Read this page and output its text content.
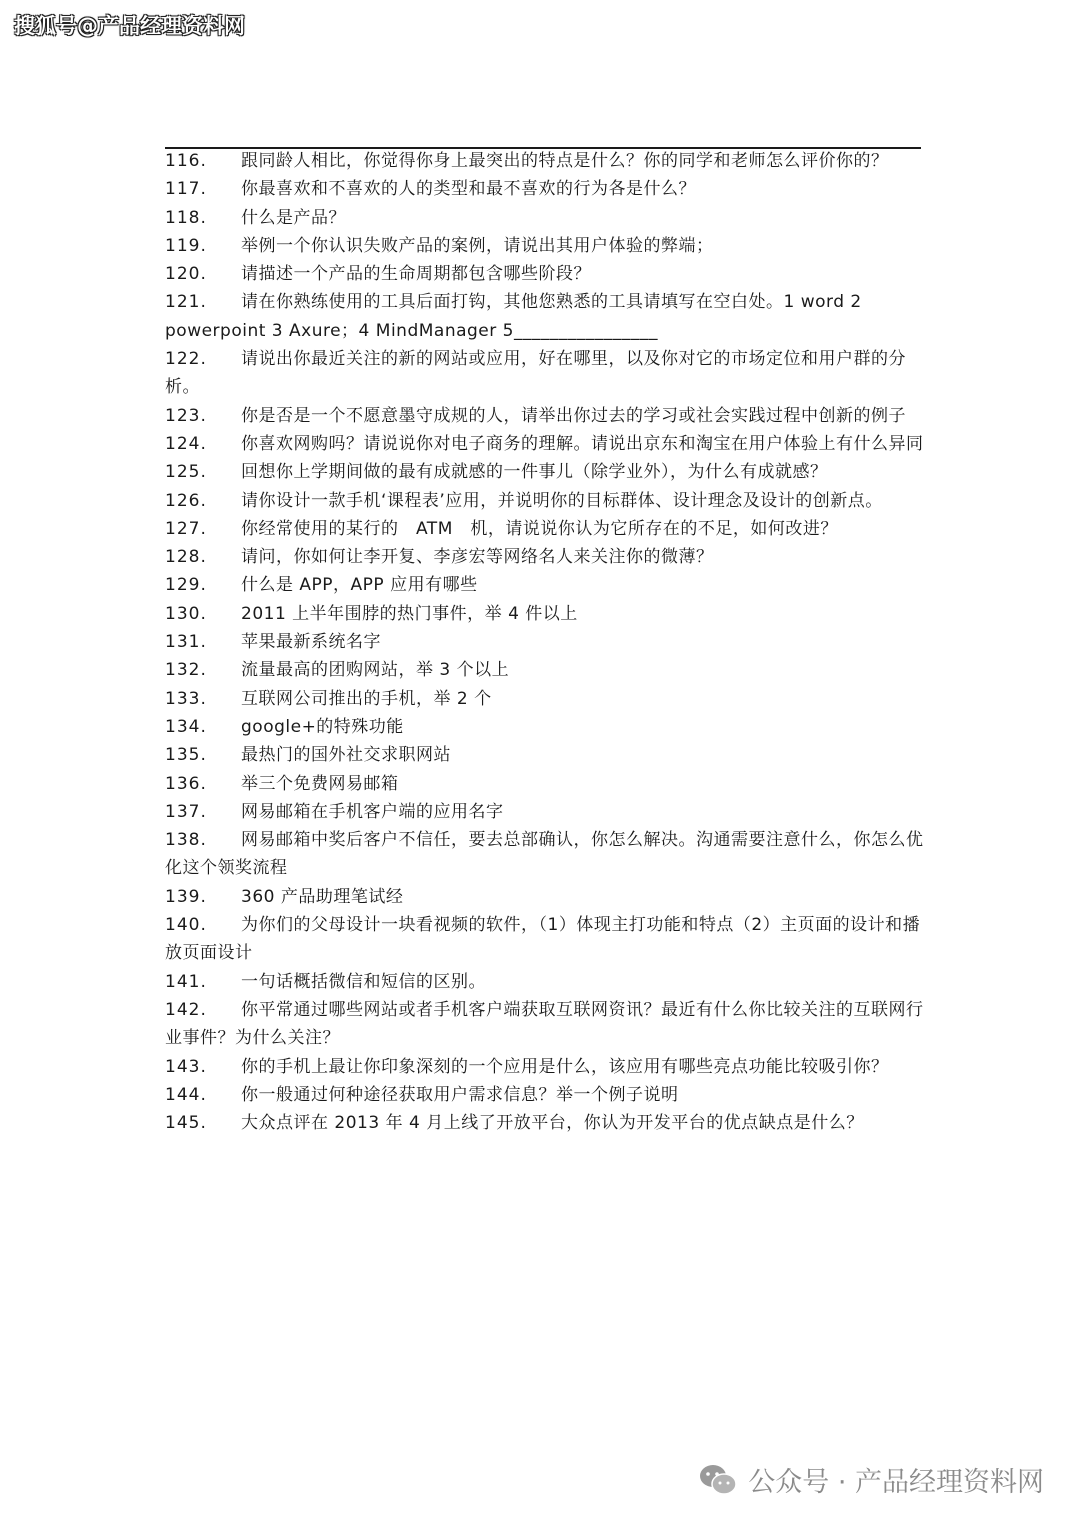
搜狐号@产品经理资料网

116. 跟同龄人相比，你觉得你身上最突出的特点是什么？你的同学和老师怎么评价你的？

117. 你最喜欢和不喜欢的人的类型和最不喜欢的行为各是什么？

118. 什么是产品？

119. 举例一个你认识失败产品的案例，请说出其用户体验的弊端；

120. 请描述一个产品的生命周期都包含哪些阶段？

121. 请在你熟练使用的工具后面打钩，其他您熟悉的工具请填写在空白处。1 word 2 powerpoint 3 Axure；4 MindManager 5________________

122. 请说出你最近关注的新的网站或应用，好在哪里，以及你对它的市场定位和用户群的分析。

123. 你是否是一个不愿意墨守成规的人，请举出你过去的学习或社会实践过程中创新的例子

124. 你喜欢网购吗？请说说你对电子商务的理解。请说出京东和淘宝在用户体验上有什么异同

125. 回想你上学期间做的最有成就感的一件事儿（除学业外），为什么有成就感？

126. 请你设计一款手机‘课程表’应用，并说明你的目标群体、设计理念及设计的创新点。

127. 你经常使用的某行的　ATM　机，请说说你认为它所存在的不足，如何改进？

128. 请问，你如何让李开复、李彦宏等网络名人来关注你的微薄？

129. 什么是 APP，APP 应用有哪些

130. 2011 上半年围脖的热门事件，举 4 件以上

131. 苹果最新系统名字

132. 流量最高的团购网站，举 3 个以上

133. 互联网公司推出的手机，举 2 个

134. google+的特殊功能

135. 最热门的国外社交求职网站

136. 举三个免费网易邮箱

137. 网易邮箱在手机客户端的应用名字

138. 网易邮箱中奖后客户不信任，要去总部确认，你怎么解决。沟通需要注意什么，你怎么优化这个领奖流程

139. 360 产品助理笔试经

140. 为你们的父母设计一块看视频的软件，（1）体现主打功能和特点（2）主页面的设计和播放页面设计

141. 一句话概括微信和短信的区别。

142. 你平常通过哪些网站或者手机客户端获取互联网资讯？最近有什么你比较关注的互联网行业事件？为什么关注？

143. 你的手机上最让你印象深刻的一个应用是什么，该应用有哪些亮点功能比较吸引你？

144. 你一般通过何种途径获取用户需求信息？举一个例子说明

145. 大众点评在 2013 年 4 月上线了开放平台，你认为开发平台的优点缺点是什么？

公众号 · 产品经理资料网
